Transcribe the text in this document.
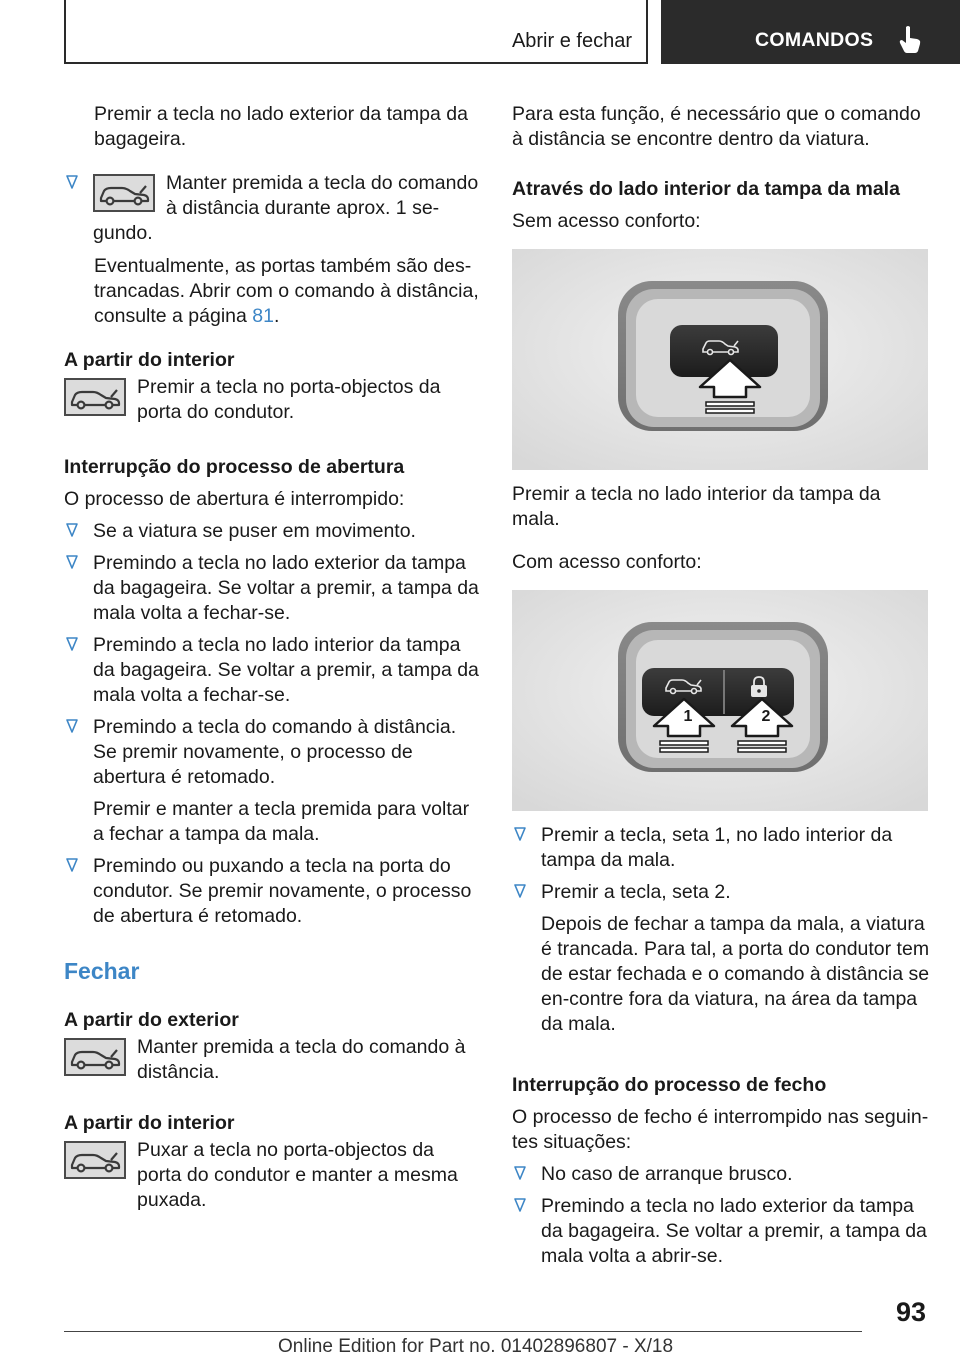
Abrir e fechar	COMANDOS

Premir a tecla no lado exterior da tampa da bagageira.

Manter premida a tecla do comando à distância durante aprox. 1 se-gundo.

Eventualmente, as portas também são des-trancadas. Abrir com o comando à distância, consulte a página 81.

A partir do interior

Premir a tecla no porta-objectos da porta do condutor.

Interrupção do processo de abertura

O processo de abertura é interrompido:

Se a viatura se puser em movimento.

Premindo a tecla no lado exterior da tampa da bagageira. Se voltar a premir, a tampa da mala volta a fechar-se.

Premindo a tecla no lado interior da tampa da bagageira. Se voltar a premir, a tampa da mala volta a fechar-se.

Premindo a tecla do comando à distância. Se premir novamente, o processo de abertura é retomado.

Premir e manter a tecla premida para voltar a fechar a tampa da mala.

Premindo ou puxando a tecla na porta do condutor. Se premir novamente, o processo de abertura é retomado.

Fechar

A partir do exterior

Manter premida a tecla do comando à distância.

A partir do interior

Puxar a tecla no porta-objectos da porta do condutor e manter a mesma puxada.

Para esta função, é necessário que o comando à distância se encontre dentro da viatura.

Através do lado interior da tampa da mala

Sem acesso conforto:

Premir a tecla no lado interior da tampa da mala.

Com acesso conforto:

1	2

Premir a tecla, seta 1, no lado interior da tampa da mala.

Premir a tecla, seta 2.

Depois de fechar a tampa da mala, a viatura é trancada. Para tal, a porta do condutor tem de estar fechada e o comando à distância se en-contre fora da viatura, na área da tampa da mala.

Interrupção do processo de fecho

O processo de fecho é interrompido nas seguin-tes situações:

No caso de arranque brusco.

Premindo a tecla no lado exterior da tampa da bagageira. Se voltar a premir, a tampa da mala volta a abrir-se.

93
Online Edition for Part no. 01402896807 - X/18
